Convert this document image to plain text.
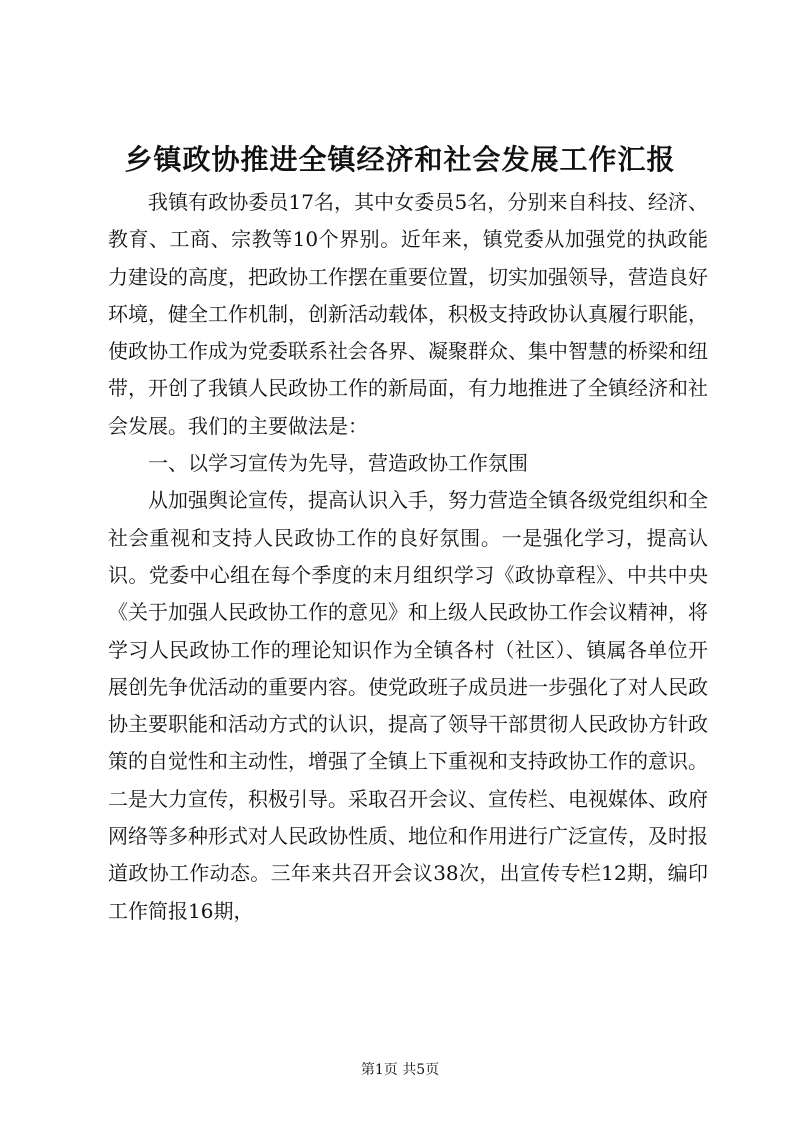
乡镇政协推进全镇经济和社会发展工作汇报

我镇有政协委员17名，其中女委员5名，分别来自科技、经济、教育、工商、宗教等10个界别。近年来，镇党委从加强党的执政能力建设的高度，把政协工作摆在重要位置，切实加强领导，营造良好环境，健全工作机制，创新活动载体，积极支持政协认真履行职能，使政协工作成为党委联系社会各界、凝聚群众、集中智慧的桥梁和纽带，开创了我镇人民政协工作的新局面，有力地推进了全镇经济和社会发展。我们的主要做法是：

一、以学习宣传为先导，营造政协工作氛围

从加强舆论宣传，提高认识入手，努力营造全镇各级党组织和全社会重视和支持人民政协工作的良好氛围。一是强化学习，提高认识。党委中心组在每个季度的末月组织学习《政协章程》、中共中央《关于加强人民政协工作的意见》和上级人民政协工作会议精神，将学习人民政协工作的理论知识作为全镇各村（社区）、镇属各单位开展创先争优活动的重要内容。使党政班子成员进一步强化了对人民政协主要职能和活动方式的认识，提高了领导干部贯彻人民政协方针政策的自觉性和主动性，增强了全镇上下重视和支持政协工作的意识。二是大力宣传，积极引导。采取召开会议、宣传栏、电视媒体、政府网络等多种形式对人民政协性质、地位和作用进行广泛宣传，及时报道政协工作动态。三年来共召开会议38次，出宣传专栏12期，编印工作简报16期，

第1页 共5页
